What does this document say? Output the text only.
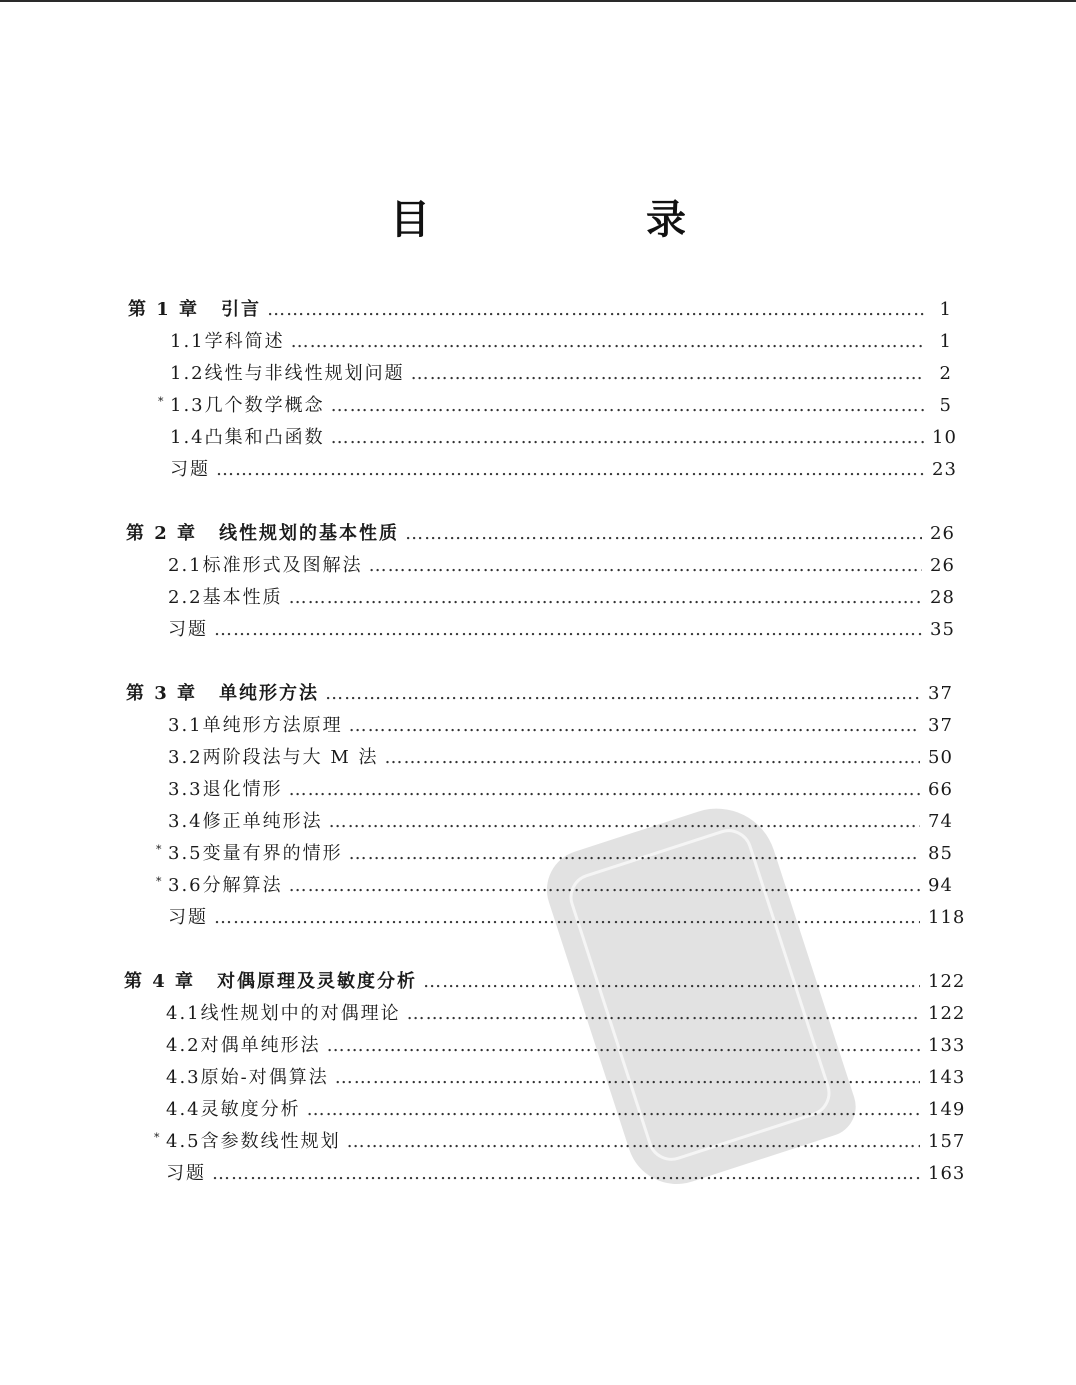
目　录
第 1 章 引言 ……………………………………………………………………………………………………………………………………………………………………………………………………	1
1.1 学科简述 ……………………………………………………………………………………………………………………………………………………………………………………………………	1
1.2 线性与非线性规划问题 ……………………………………………………………………………………………………………………………………………………………………………………………………	2
* 1.3 几个数学概念 ……………………………………………………………………………………………………………………………………………………………………………………………………	5
1.4 凸集和凸函数 ……………………………………………………………………………………………………………………………………………………………………………………………………	10
习题 ……………………………………………………………………………………………………………………………………………………………………………………………………	23
第 2 章 线性规划的基本性质 ……………………………………………………………………………………………………………………………………………………………………………………………………	26
2.1 标准形式及图解法 ……………………………………………………………………………………………………………………………………………………………………………………………………	26
2.2 基本性质 ……………………………………………………………………………………………………………………………………………………………………………………………………	28
习题 ……………………………………………………………………………………………………………………………………………………………………………………………………	35
第 3 章 单纯形方法 ……………………………………………………………………………………………………………………………………………………………………………………………………	37
3.1 单纯形方法原理 ……………………………………………………………………………………………………………………………………………………………………………………………………	37
3.2 两阶段法与大 M 法 ……………………………………………………………………………………………………………………………………………………………………………………………………	50
3.3 退化情形 ……………………………………………………………………………………………………………………………………………………………………………………………………	66
3.4 修正单纯形法 ……………………………………………………………………………………………………………………………………………………………………………………………………	74
* 3.5 变量有界的情形 ……………………………………………………………………………………………………………………………………………………………………………………………………	85
* 3.6 分解算法 ……………………………………………………………………………………………………………………………………………………………………………………………………	94
习题 ……………………………………………………………………………………………………………………………………………………………………………………………………	118
第 4 章 对偶原理及灵敏度分析 ……………………………………………………………………………………………………………………………………………………………………………………………………	122
4.1 线性规划中的对偶理论 ……………………………………………………………………………………………………………………………………………………………………………………………………	122
4.2 对偶单纯形法 ……………………………………………………………………………………………………………………………………………………………………………………………………	133
4.3 原始-对偶算法 ……………………………………………………………………………………………………………………………………………………………………………………………………	143
4.4 灵敏度分析 ……………………………………………………………………………………………………………………………………………………………………………………………………	149
* 4.5 含参数线性规划 ……………………………………………………………………………………………………………………………………………………………………………………………………	157
习题 ……………………………………………………………………………………………………………………………………………………………………………………………………	163
